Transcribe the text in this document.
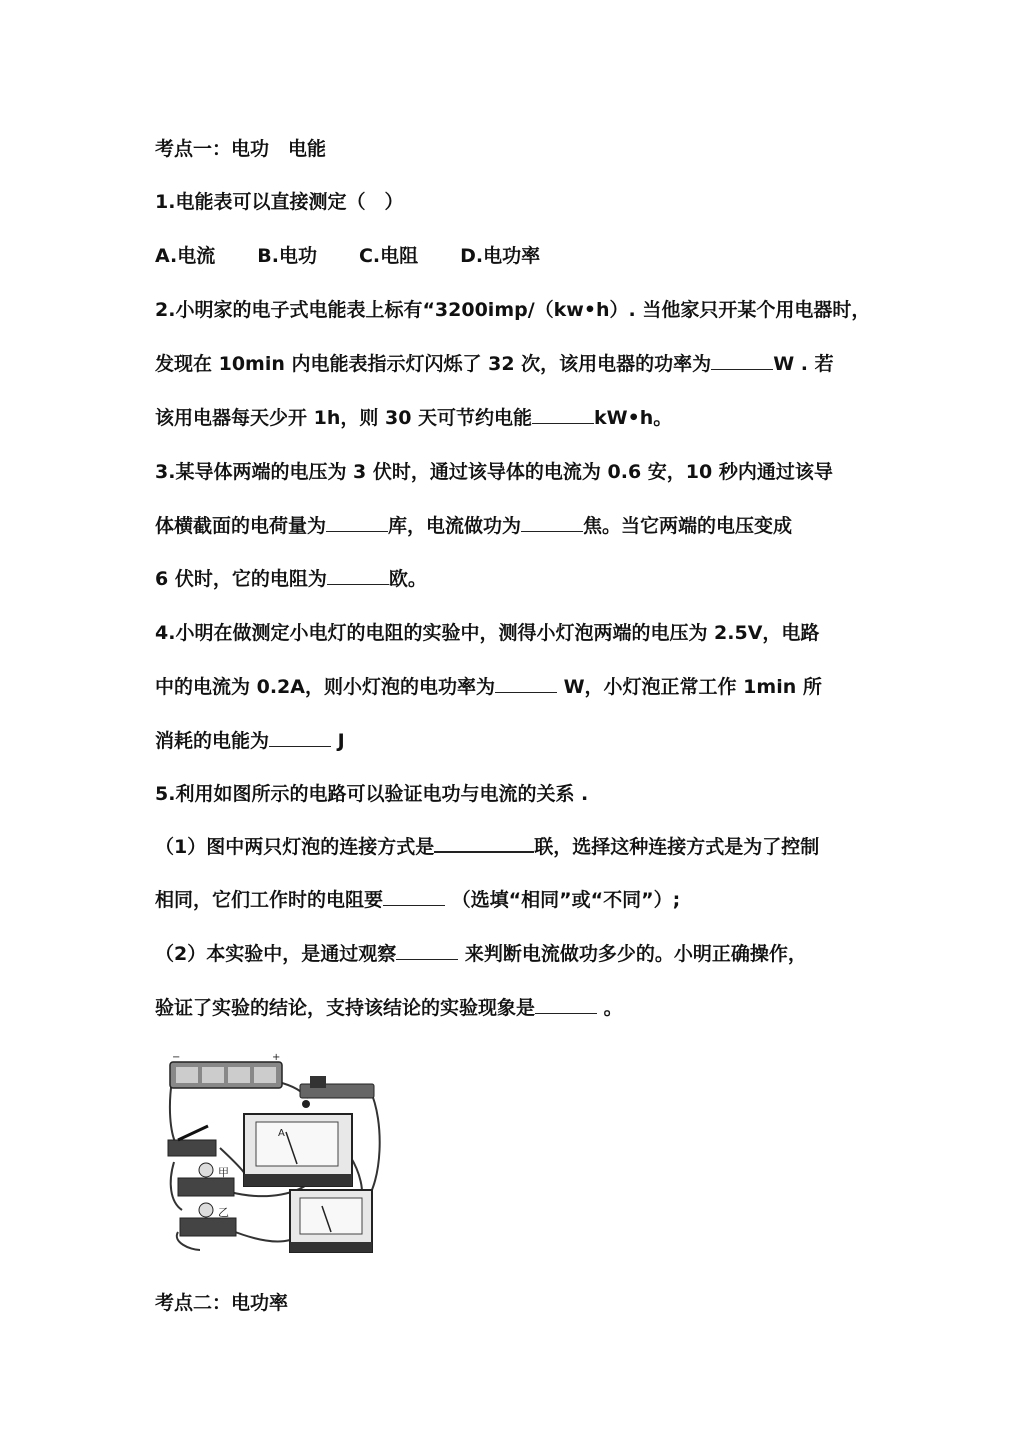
考点一：电功　电能
1.电能表可以直接测定（　）
A.电流 B.电功 C.电阻 D.电功率
2.小明家的电子式电能表上标有“3200imp/（kw•h）. 当他家只开某个用电器时，
发现在 10min 内电能表指示灯闪烁了 32 次，该用电器的功率为	W . 若
该用电器每天少开 1h，则 30 天可节约电能	kW•h。
3.某导体两端的电压为 3 伏时，通过该导体的电流为 0.6 安，10 秒内通过该导
体横截面的电荷量为	库，电流做功为	焦。当它两端的电压变成
6 伏时，它的电阻为	欧。
4.小明在做测定小电灯的电阻的实验中，测得小灯泡两端的电压为 2.5V，电路
中的电流为 0.2A，则小灯泡的电功率为	W，小灯泡正常工作 1min 所
消耗的电能为	J
5.利用如图所示的电路可以验证电功与电流的关系 .
（1）图中两只灯泡的连接方式是	联，选择这种连接方式是为了控制
相同，它们工作时的电阻要	（选填“相同”或“不同”）;
（2）本实验中，是通过观察	来判断电流做功多少的。小明正确操作，
验证了实验的结论，支持该结论的实验现象是	。
−	+
A
甲
乙
考点二：电功率
